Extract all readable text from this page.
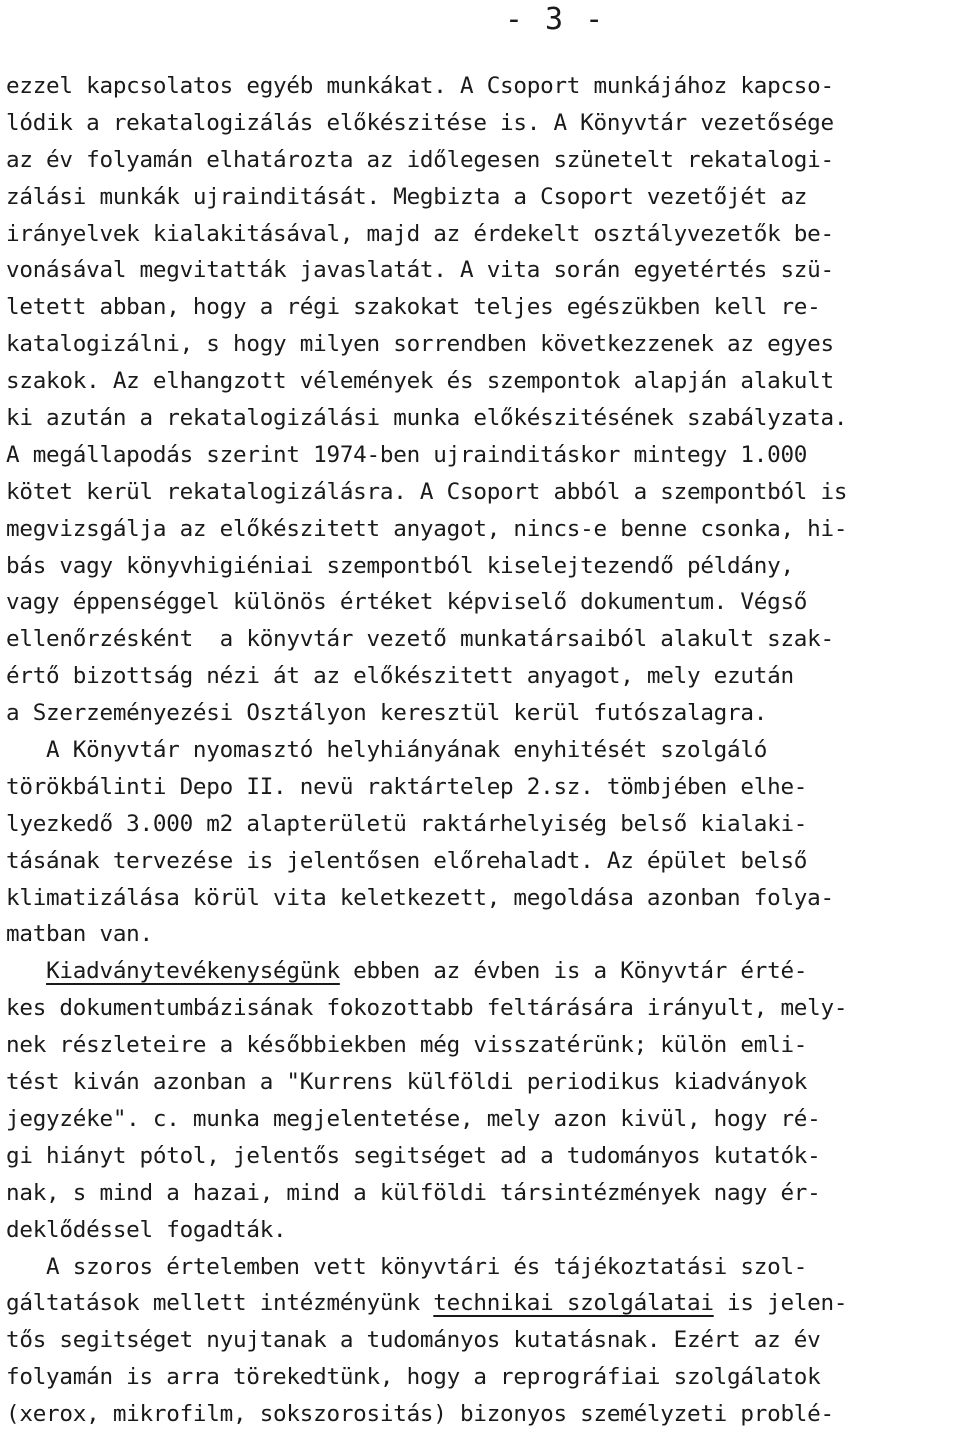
- 3 -
ezzel kapcsolatos egyéb munkákat. A Csoport munkájához kapcso-
lódik a rekatalogizálás előkészitése is. A Könyvtár vezetősége
az év folyamán elhatározta az időlegesen szünetelt rekatalogi-
zálási munkák ujrainditását. Megbizta a Csoport vezetőjét az
irányelvek kialakitásával, majd az érdekelt osztályvezetők be-
vonásával megvitatták javaslatát. A vita során egyetértés szü-
letett abban, hogy a régi szakokat teljes egészükben kell re-
katalogizálni, s hogy milyen sorrendben következzenek az egyes
szakok. Az elhangzott vélemények és szempontok alapján alakult
ki azután a rekatalogizálási munka előkészitésének szabályzata.
A megállapodás szerint 1974-ben ujrainditáskor mintegy 1.000
kötet kerül rekatalogizálásra. A Csoport abból a szempontból is
megvizsgálja az előkészitett anyagot, nincs-e benne csonka, hi-
bás vagy könyvhigiéniai szempontból kiselejtezendő példány,
vagy éppenséggel különös értéket képviselő dokumentum. Végső
ellenőrzésként  a könyvtár vezető munkatársaiból alakult szak-
értő bizottság nézi át az előkészitett anyagot, mely ezután
a Szerzeményezési Osztályon keresztül kerül futószalagra.
A Könyvtár nyomasztó helyhiányának enyhitését szolgáló
törökbálinti Depo II. nevü raktártelep 2.sz. tömbjében elhe-
lyezkedő 3.000 m2 alapterületü raktárhelyiség belső kialaki-
tásának tervezése is jelentősen előrehaladt. Az épület belső
klimatizálása körül vita keletkezett, megoldása azonban folya-
matban van.
Kiadványtevékenységünk ebben az évben is a Könyvtár érté-
kes dokumentumbázisának fokozottabb feltárására irányult, mely-
nek részleteire a későbbiekben még visszatérünk; külön emli-
tést kiván azonban a "Kurrens külföldi periodikus kiadványok
jegyzéke". c. munka megjelentetése, mely azon kivül, hogy ré-
gi hiányt pótol, jelentős segitséget ad a tudományos kutatók-
nak, s mind a hazai, mind a külföldi társintézmények nagy ér-
deklődéssel fogadták.
A szoros értelemben vett könyvtári és tájékoztatási szol-
gáltatások mellett intézményünk technikai szolgálatai is jelen-
tős segitséget nyujtanak a tudományos kutatásnak. Ezért az év
folyamán is arra törekedtünk, hogy a reprográfiai szolgálatok
(xerox, mikrofilm, sokszorositás) bizonyos személyzeti problé-
